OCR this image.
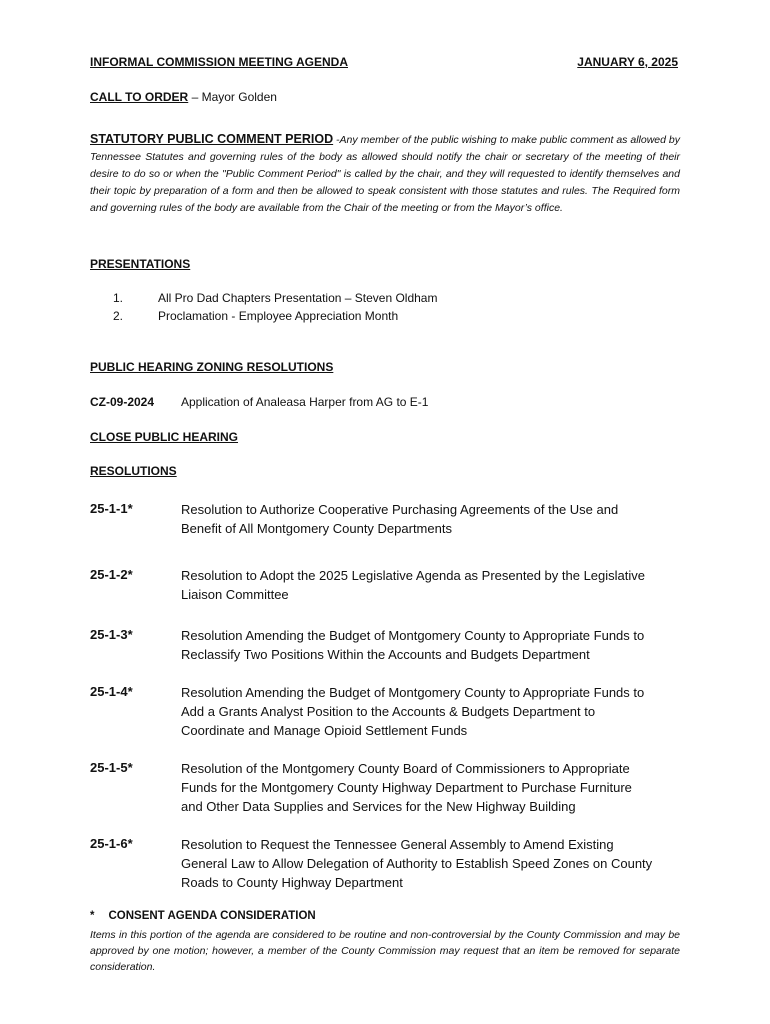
INFORMAL COMMISSION MEETING AGENDA	JANUARY 6, 2025
CALL TO ORDER – Mayor Golden
STATUTORY PUBLIC COMMENT PERIOD -Any member of the public wishing to make public comment as allowed by Tennessee Statutes and governing rules of the body as allowed should notify the chair or secretary of the meeting of their desire to do so or when the "Public Comment Period" is called by the chair, and they will requested to identify themselves and their topic by preparation of a form and then be allowed to speak consistent with those statutes and rules. The Required form and governing rules of the body are available from the Chair of the meeting or from the Mayor’s office.
PRESENTATIONS
1.	All Pro Dad Chapters Presentation – Steven Oldham
2.	Proclamation - Employee Appreciation Month
PUBLIC HEARING ZONING RESOLUTIONS
CZ-09-2024 Application of Analeasa Harper from AG to E-1
CLOSE PUBLIC HEARING
RESOLUTIONS
25-1-1*	Resolution to Authorize Cooperative Purchasing Agreements of the Use and
Benefit of All Montgomery County Departments
25-1-2*	Resolution to Adopt the 2025 Legislative Agenda as Presented by the Legislative
Liaison Committee
25-1-3*	Resolution Amending the Budget of Montgomery County to Appropriate Funds to
Reclassify Two Positions Within the Accounts and Budgets Department
25-1-4*	Resolution Amending the Budget of Montgomery County to Appropriate Funds to
Add a Grants Analyst Position to the Accounts & Budgets Department to
Coordinate and Manage Opioid Settlement Funds
25-1-5*	Resolution of the Montgomery County Board of Commissioners to Appropriate
Funds for the Montgomery County Highway Department to Purchase Furniture
and Other Data Supplies and Services for the New Highway Building
25-1-6*	Resolution to Request the Tennessee General Assembly to Amend Existing
General Law to Allow Delegation of Authority to Establish Speed Zones on County
Roads to County Highway Department
* CONSENT AGENDA CONSIDERATION
Items in this portion of the agenda are considered to be routine and non-controversial by the County Commission and may be approved by one motion; however, a member of the County Commission may request that an item be removed for separate consideration.
